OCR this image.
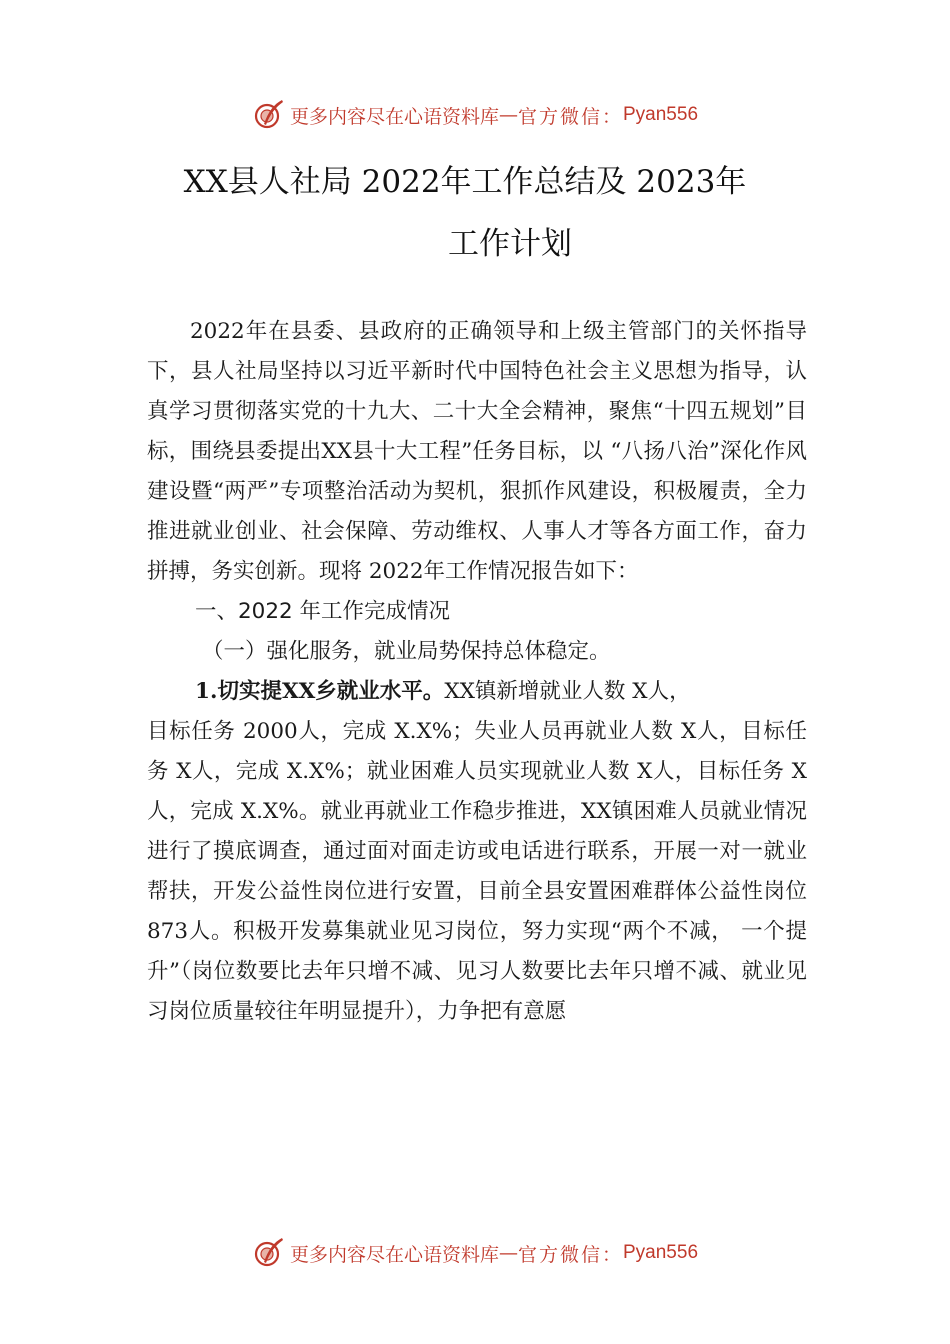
更多内容尽在心语资料库 — 官方微信： Pyan556
XX县人社局 2022年工作总结及 2023年
工作计划

2022年在县委、县政府的正确领导和上级主管部门的关怀指导下，县人社局坚持以习近平新时代中国特色社会主义思想为指导，认真学习贯彻落实党的十九大、二十大全会精神，聚焦“十四五规划”目标，围绕县委提出XX县十大工程”任务目标，以 “八扬八治”深化作风建设暨“两严”专项整治活动为契机，狠抓作风建设，积极履责，全力推进就业创业、社会保障、劳动维权、人事人才等各方面工作，奋力拼搏，务实创新。现将 2022年工作情况报告如下：

一、2022 年工作完成情况

（一）强化服务，就业局势保持总体稳定。

1.切实提XX乡就业水平。XX镇新增就业人数 X人，
目标任务 2000人，完成 X.X%；失业人员再就业人数 X人，目标任务 X人，完成 X.X%；就业困难人员实现就业人数 X人，目标任务 X人，完成 X.X%。就业再就业工作稳步推进，XX镇困难人员就业情况进行了摸底调查，通过面对面走访或电话进行联系，开展一对一就业帮扶，开发公益性岗位进行安置，目前全县安置困难群体公益性岗位873人。积极开发募集就业见习岗位，努力实现“两个不减， 一个提升”（岗位数要比去年只增不减、见习人数要比去年只增不减、就业见习岗位质量较往年明显提升），力争把有意愿

更多内容尽在心语资料库 — 官方微信： Pyan556
